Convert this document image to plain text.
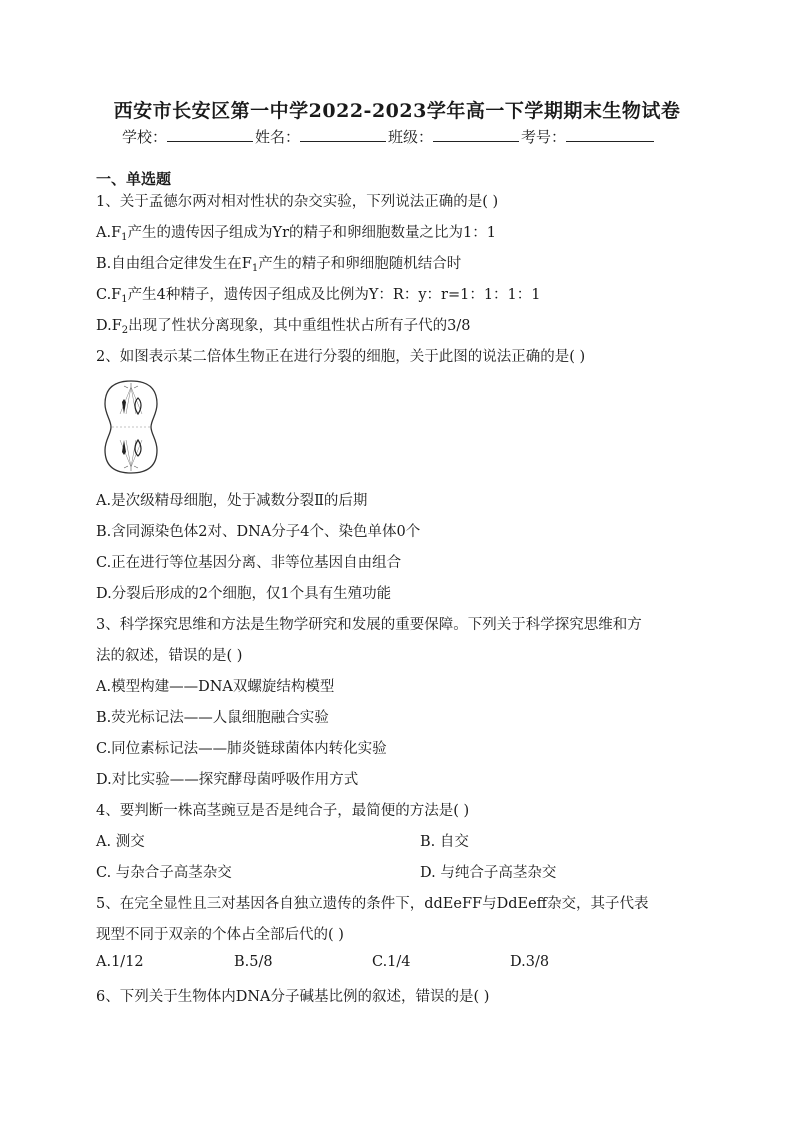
西安市长安区第一中学2022-2023学年高一下学期期末生物试卷
学校：	姓名：	班级：	考号：
一、单选题
1、关于孟德尔两对相对性状的杂交实验，下列说法正确的是( )
$A.F_1$产生的遗传因子组成为Yr的精子和卵细胞数量之比为1：1
B.自由组合定律发生在$F_1$产生的精子和卵细胞随机结合时
$C.F_1$产生4种精子，遗传因子组成及比例为Y：R：y：r=1：1：1：1
$D.F_2$出现了性状分离现象，其中重组性状占所有子代的3/8
2、如图表示某二倍体生物正在进行分裂的细胞，关于此图的说法正确的是( )
A.是次级精母细胞，处于减数分裂Ⅱ的后期
B.含同源染色体2对、DNA分子4个、染色单体0个
C.正在进行等位基因分离、非等位基因自由组合
D.分裂后形成的2个细胞，仅1个具有生殖功能
3、科学探究思维和方法是生物学研究和发展的重要保障。下列关于科学探究思维和方
法的叙述，错误的是( )
A.模型构建——DNA双螺旋结构模型
B.荧光标记法——人鼠细胞融合实验
C.同位素标记法——肺炎链球菌体内转化实验
D.对比实验——探究酵母菌呼吸作用方式
4、要判断一株高茎豌豆是否是纯合子，最简便的方法是( )
A. 测交	B. 自交
C. 与杂合子高茎杂交	D. 与纯合子高茎杂交
5、在完全显性且三对基因各自独立遗传的条件下，ddEeFF与DdEeff杂交，其子代表
现型不同于双亲的个体占全部后代的( )
A.1/12	B.5/8	C.1/4	D.3/8
6、下列关于生物体内DNA分子碱基比例的叙述，错误的是( )
